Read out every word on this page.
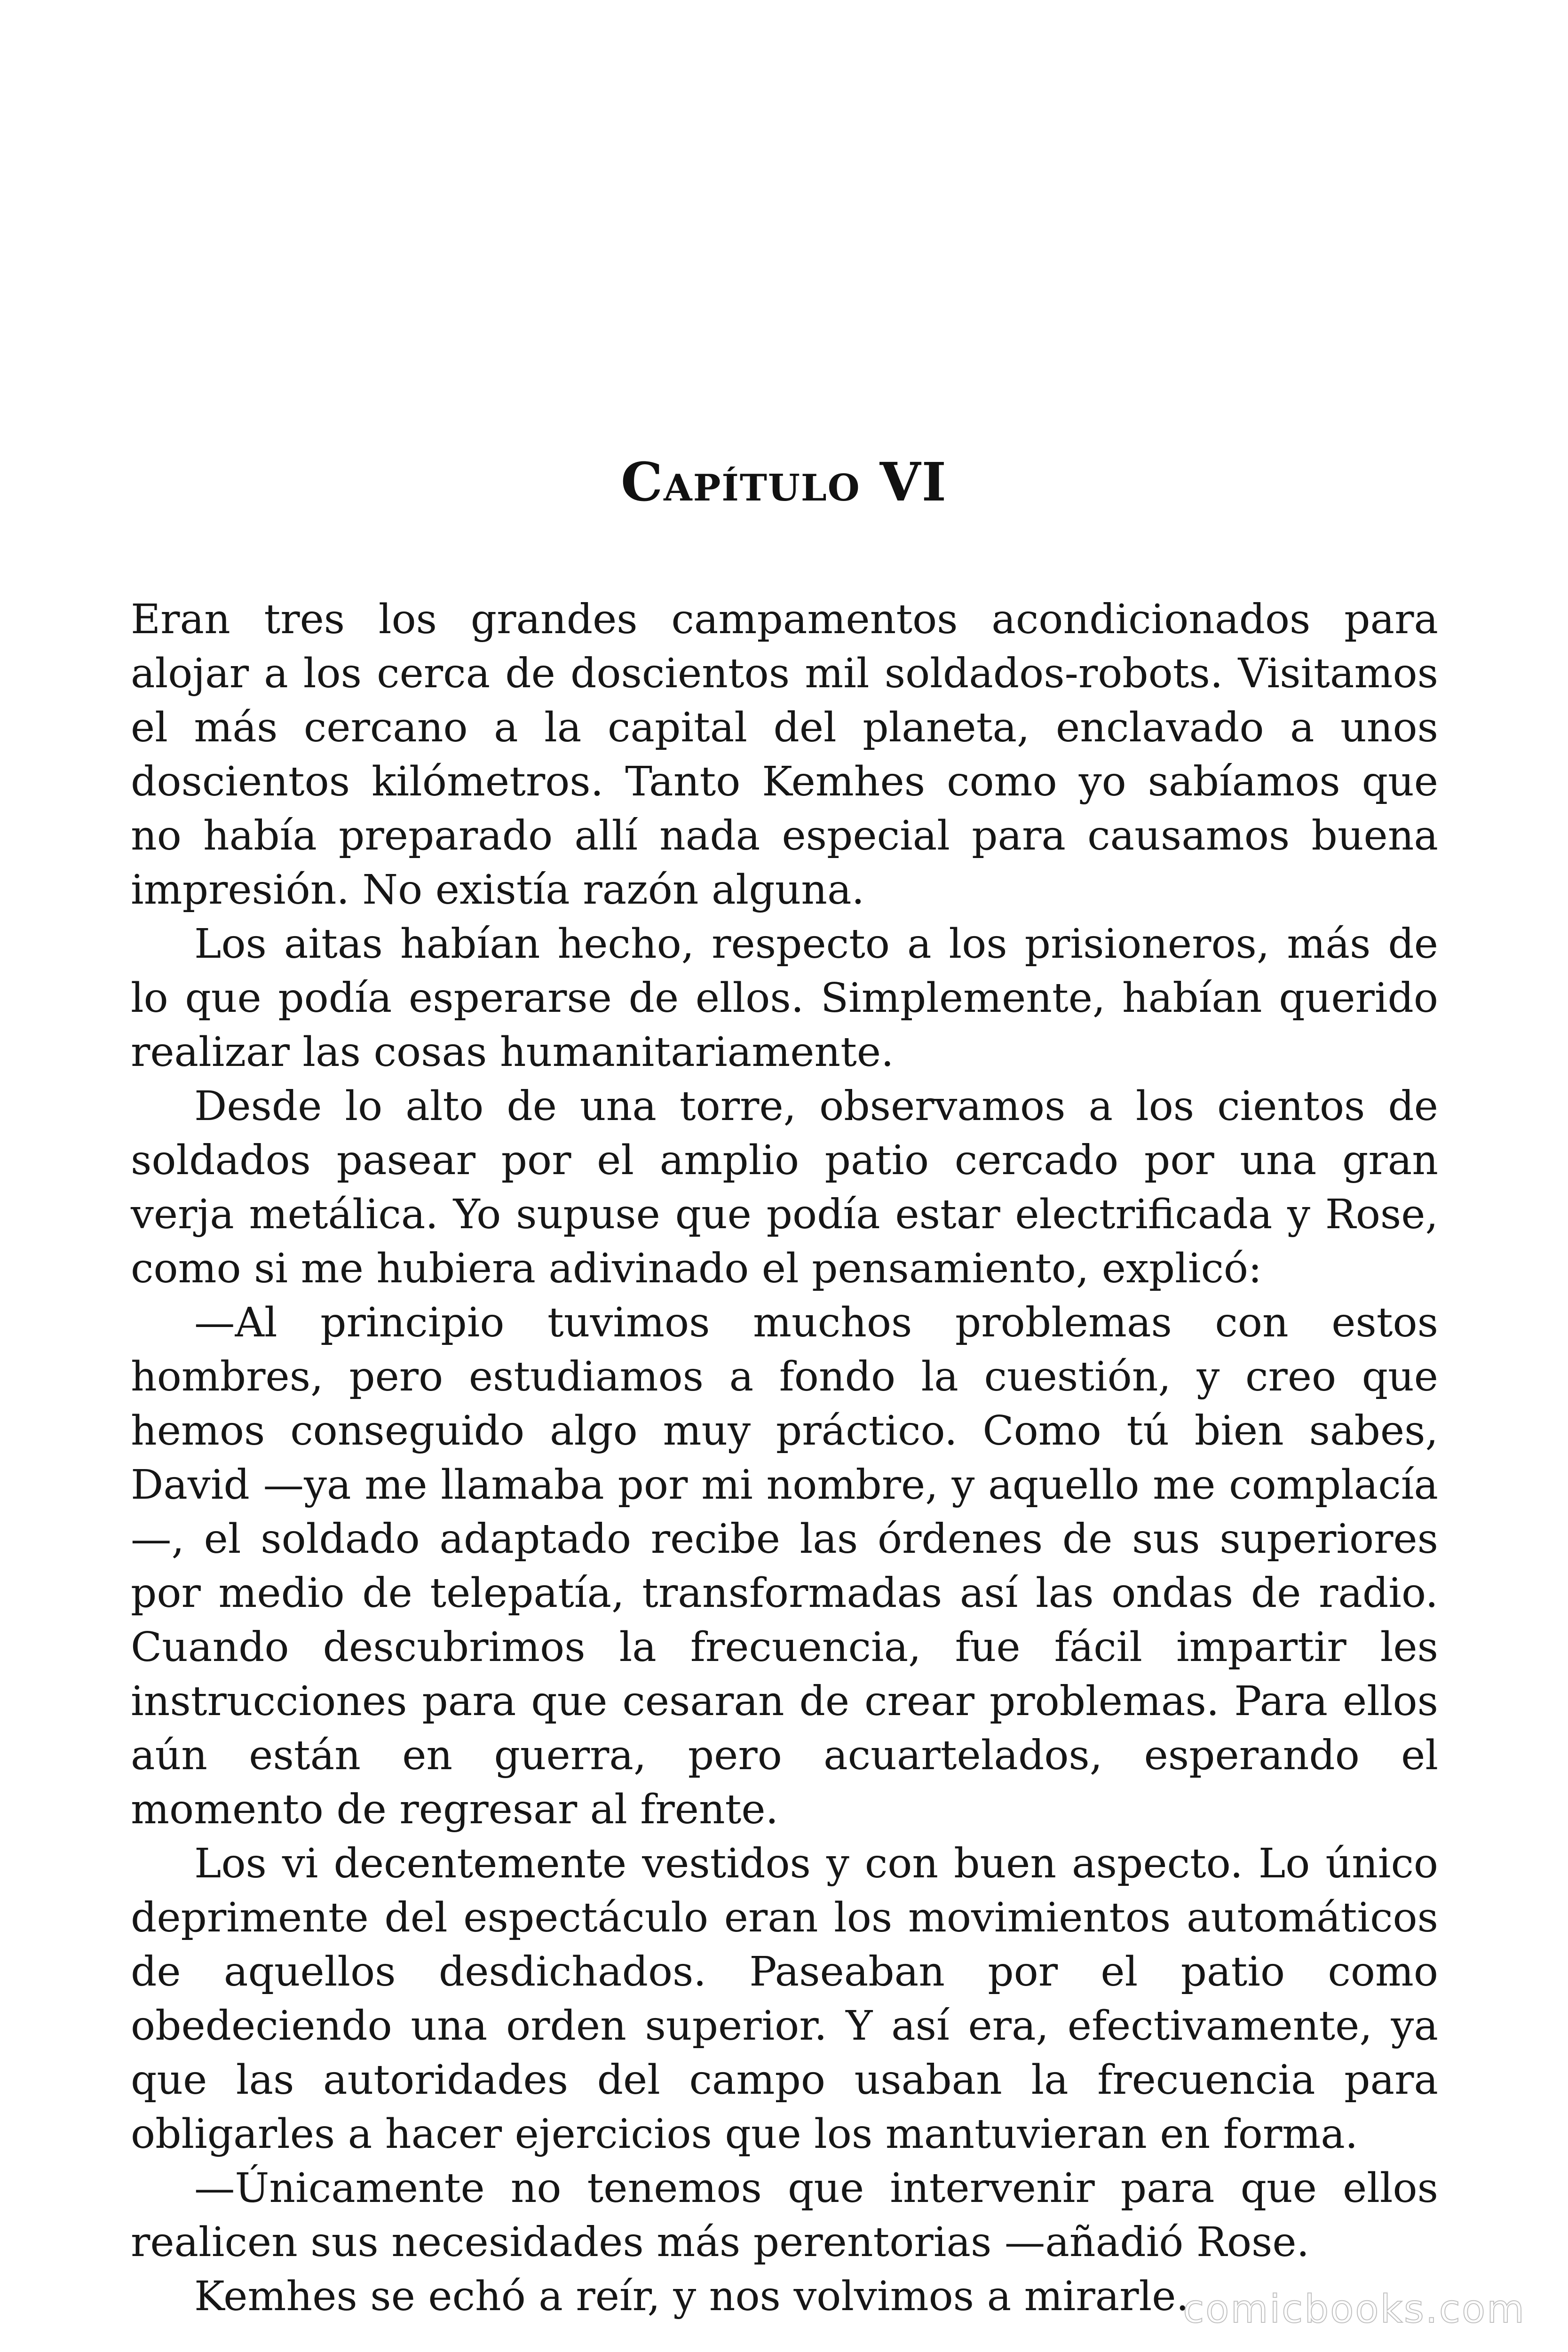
Capítulo VI

Eran tres los grandes campamentos acondicionados para alojar a los cerca de doscientos mil soldados-robots. Visitamos el más cercano a la capital del planeta, enclavado a unos doscientos kilómetros. Tanto Kemhes como yo sabíamos que no había preparado allí nada especial para causamos buena impresión. No existía razón alguna.

Los aitas habían hecho, respecto a los prisioneros, más de lo que podía esperarse de ellos. Simplemente, habían querido realizar las cosas humanitariamente.

Desde lo alto de una torre, observamos a los cientos de soldados pasear por el amplio patio cercado por una gran verja metálica. Yo supuse que podía estar electrificada y Rose, como si me hubiera adivinado el pensamiento, explicó:

—Al principio tuvimos muchos problemas con estos hombres, pero estudiamos a fondo la cuestión, y creo que hemos conseguido algo muy práctico. Como tú bien sabes, David —ya me llamaba por mi nombre, y aquello me complacía—, el soldado adaptado recibe las órdenes de sus superiores por medio de telepatía, transformadas así las ondas de radio. Cuando descubrimos la frecuencia, fue fácil impartir les instrucciones para que cesaran de crear problemas. Para ellos aún están en guerra, pero acuartelados, esperando el momento de regresar al frente.

Los vi decentemente vestidos y con buen aspecto. Lo único deprimente del espectáculo eran los movimientos automáticos de aquellos desdichados. Paseaban por el patio como obedeciendo una orden superior. Y así era, efectivamente, ya que las autoridades del campo usaban la frecuencia para obligarles a hacer ejercicios que los mantuvieran en forma.

—Únicamente no tenemos que intervenir para que ellos realicen sus necesidades más perentorias —añadió Rose.

Kemhes se echó a reír, y nos volvimos a mirarle.

comicbooks.com
